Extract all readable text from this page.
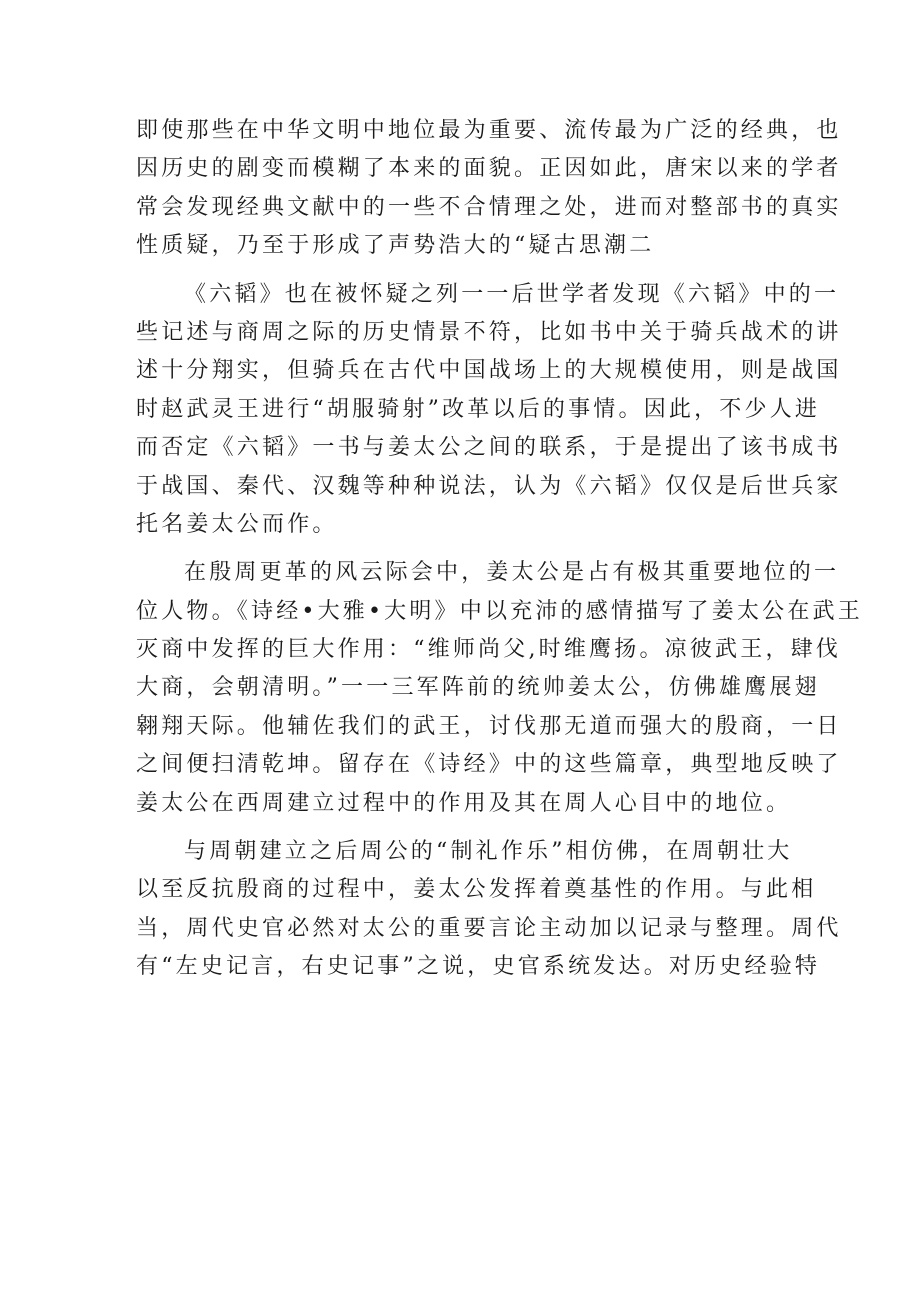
即使那些在中华文明中地位最为重要、流传最为广泛的经典，也
因历史的剧变而模糊了本来的面貌。正因如此，唐宋以来的学者
常会发现经典文献中的一些不合情理之处，进而对整部书的真实
性质疑，乃至于形成了声势浩大的“疑古思潮二
《六韬》也在被怀疑之列一一后世学者发现《六韬》中的一
些记述与商周之际的历史情景不符，比如书中关于骑兵战术的讲
述十分翔实，但骑兵在古代中国战场上的大规模使用，则是战国
时赵武灵王进行“胡服骑射”改革以后的事情。因此，不少人进
而否定《六韬》一书与姜太公之间的联系，于是提出了该书成书
于战国、秦代、汉魏等种种说法，认为《六韬》仅仅是后世兵家
托名姜太公而作。
在殷周更革的风云际会中，姜太公是占有极其重要地位的一
位人物。《诗经•大雅•大明》中以充沛的感情描写了姜太公在武王
灭商中发挥的巨大作用：“维师尚父,时维鹰扬。凉彼武王，肆伐
大商，会朝清明。”一一三军阵前的统帅姜太公，仿佛雄鹰展翅
翱翔天际。他辅佐我们的武王，讨伐那无道而强大的殷商，一日
之间便扫清乾坤。留存在《诗经》中的这些篇章，典型地反映了
姜太公在西周建立过程中的作用及其在周人心目中的地位。
与周朝建立之后周公的“制礼作乐”相仿佛，在周朝壮大
以至反抗殷商的过程中，姜太公发挥着奠基性的作用。与此相
当，周代史官必然对太公的重要言论主动加以记录与整理。周代
有“左史记言，右史记事”之说，史官系统发达。对历史经验特
